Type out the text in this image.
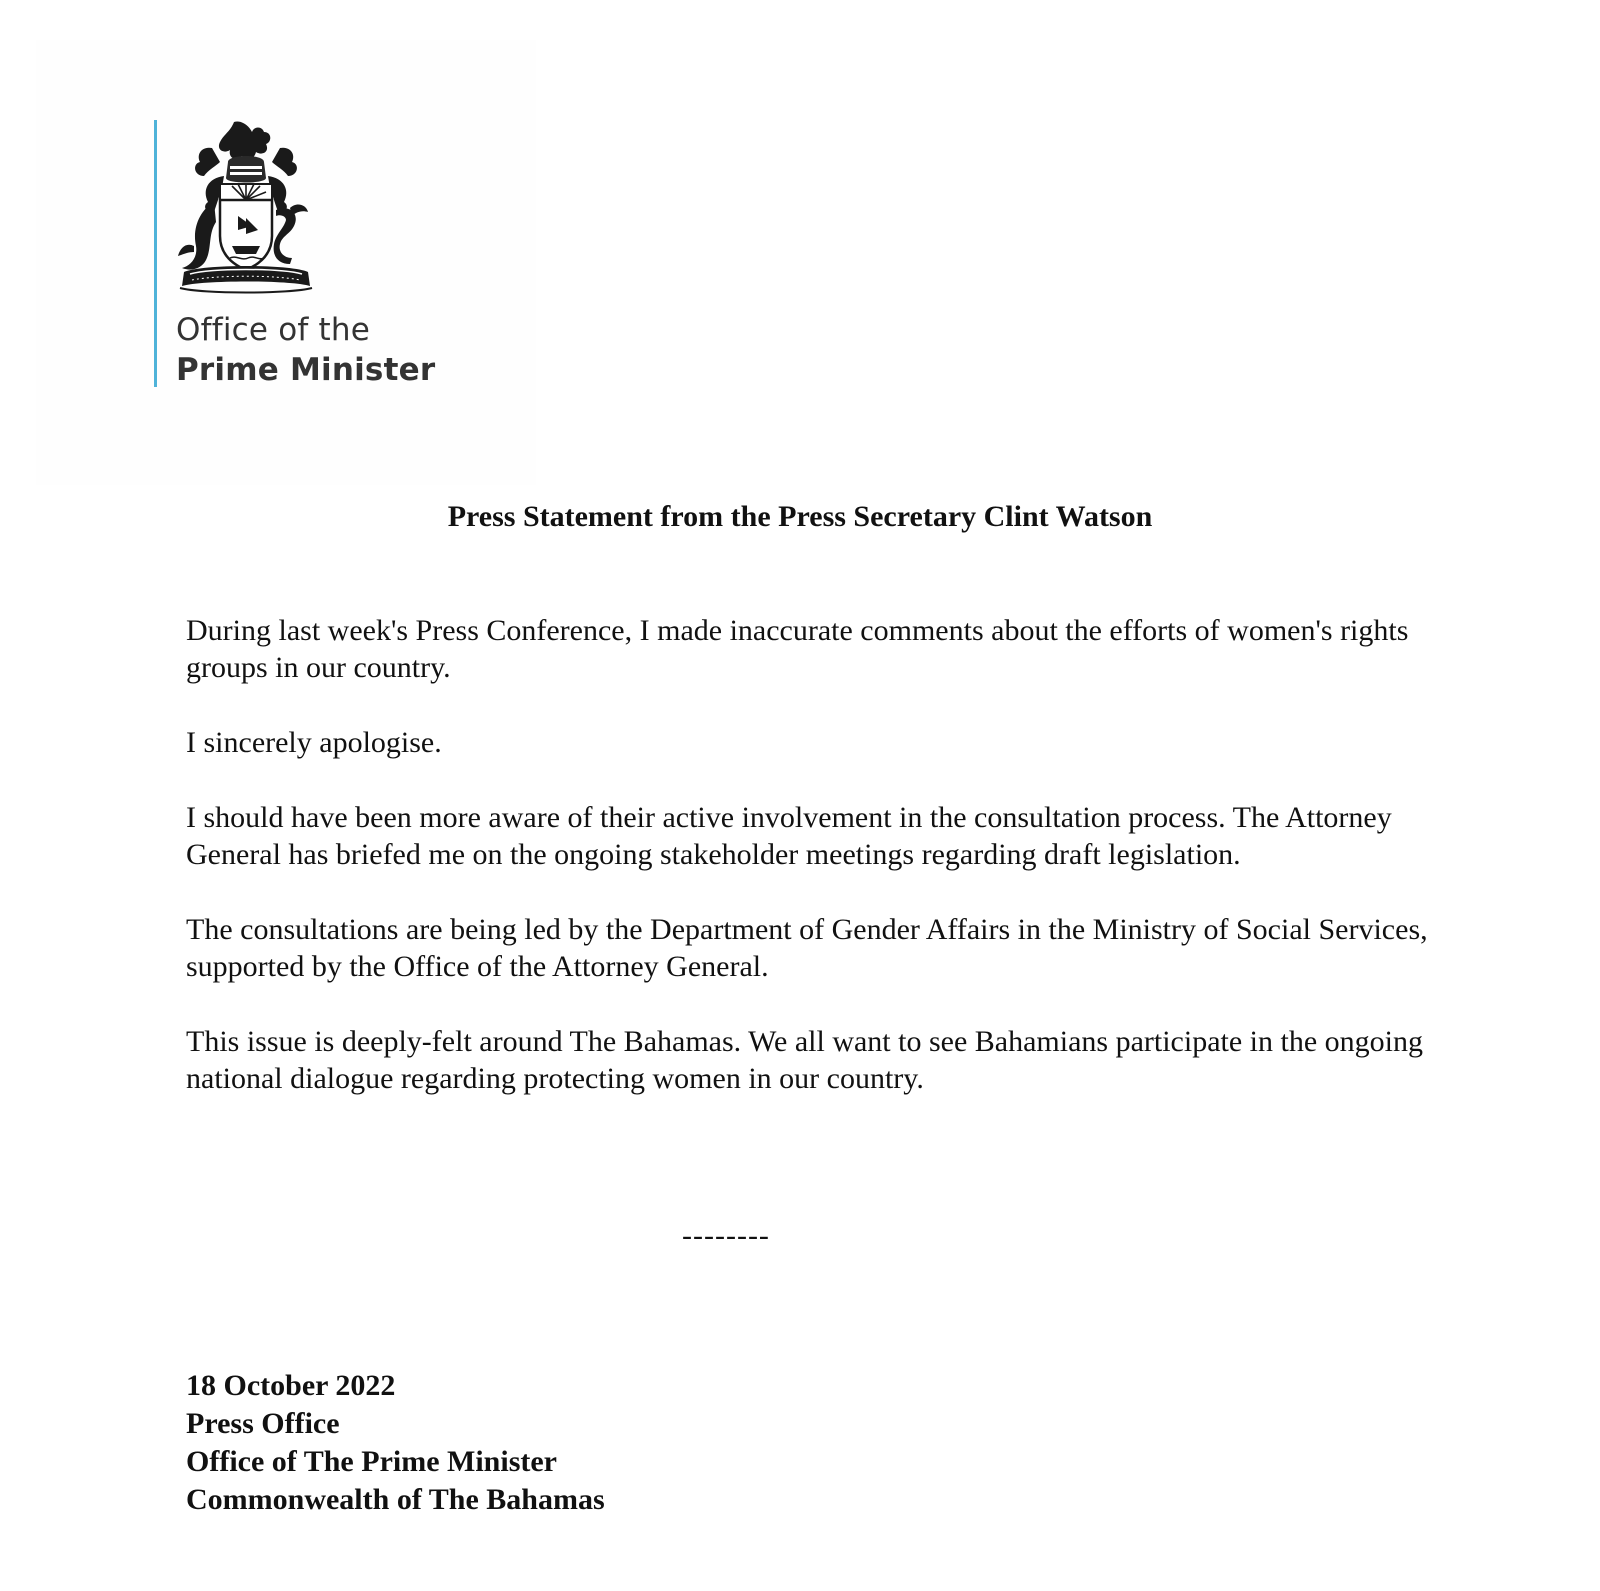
Office of the
Prime Minister
Press Statement from the Press Secretary Clint Watson

During last week's Press Conference, I made inaccurate comments about the efforts of women's rights groups in our country.

I sincerely apologise.

I should have been more aware of their active involvement in the consultation process. The Attorney General has briefed me on the ongoing stakeholder meetings regarding draft legislation.

The consultations are being led by the Department of Gender Affairs in the Ministry of Social Services, supported by the Office of the Attorney General.

This issue is deeply-felt around The Bahamas. We all want to see Bahamians participate in the ongoing national dialogue regarding protecting women in our country.

--------
18 October 2022
Press Office
Office of The Prime Minister
Commonwealth of The Bahamas
